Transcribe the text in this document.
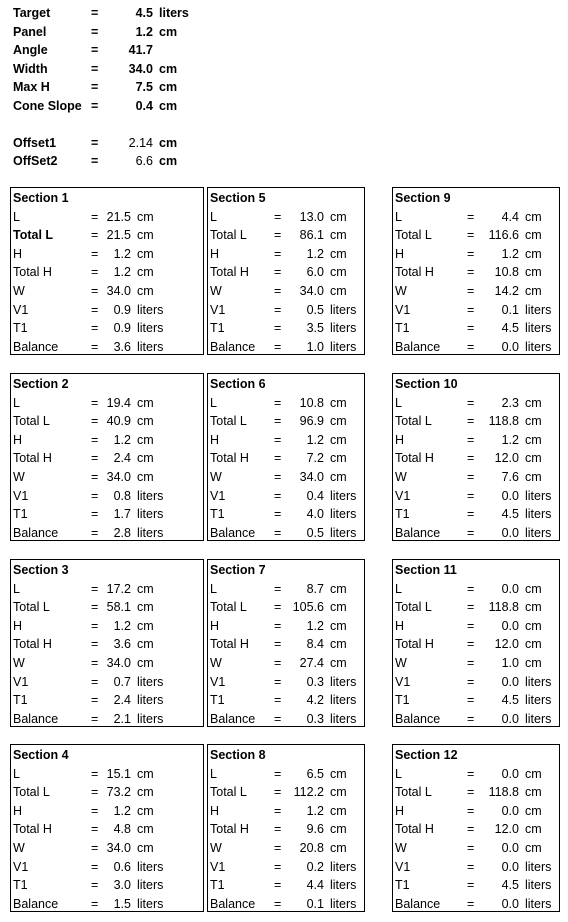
Target	=	4.5 liters
Panel	=	1.2 cm
Angle	= 41.7
Width	= 34.0 cm
Max H	=	7.5 cm
Cone Slope =	0.4 cm
Offset1	= 2.14 cm
OffSet2	=	6.6 cm
Section 1
L	= 21.5 cm
Total L	= 21.5 cm
H	= 1.2 cm
Total H	= 1.2 cm
W	= 34.0 cm
V1	= 0.9 liters
T1	= 0.9 liters
Balance	= 3.6 liters
Section 2
L	= 19.4 cm
Total L	= 40.9 cm
H	= 1.2 cm
Total H	= 2.4 cm
W	= 34.0 cm
V1	= 0.8 liters
T1	= 1.7 liters
Balance	= 2.8 liters
Section 3
L	= 17.2 cm
Total L	= 58.1 cm
H	= 1.2 cm
Total H	= 3.6 cm
W	= 34.0 cm
V1	= 0.7 liters
T1	= 2.4 liters
Balance	= 2.1 liters
Section 4
L	= 15.1 cm
Total L	= 73.2 cm
H	= 1.2 cm
Total H	= 4.8 cm
W	= 34.0 cm
V1	= 0.6 liters
T1	= 3.0 liters
Balance	= 1.5 liters
Section 5
L	= 13.0 cm
Total L = 86.1 cm
H	= 1.2 cm
Total H = 6.0 cm
W	= 34.0 cm
V1	= 0.5 liters
T1	= 3.5 liters
Balance = 1.0 liters
Section 6
L	= 10.8 cm
Total L = 96.9 cm
H	= 1.2 cm
Total H = 7.2 cm
W	= 34.0 cm
V1	= 0.4 liters
T1	= 4.0 liters
Balance = 0.5 liters
Section 7
L	= 8.7 cm
Total L = 105.6 cm
H	= 1.2 cm
Total H = 8.4 cm
W	= 27.4 cm
V1	= 0.3 liters
T1	= 4.2 liters
Balance = 0.3 liters
Section 8
L	= 6.5 cm
Total L = 112.2 cm
H	= 1.2 cm
Total H = 9.6 cm
W	= 20.8 cm
V1	= 0.2 liters
T1	= 4.4 liters
Balance = 0.1 liters
Section 9
L	= 4.4 cm
Total L	= 116.6 cm
H	= 1.2 cm
Total H	= 10.8 cm
W	= 14.2 cm
V1	= 0.1 liters
T1	= 4.5 liters
Balance = 0.0 liters
Section 10
L	= 2.3 cm
Total L	= 118.8 cm
H	= 1.2 cm
Total H	= 12.0 cm
W	= 7.6 cm
V1	= 0.0 liters
T1	= 4.5 liters
Balance = 0.0 liters
Section 11
L	= 0.0 cm
Total L	= 118.8 cm
H	= 0.0 cm
Total H	= 12.0 cm
W	= 1.0 cm
V1	= 0.0 liters
T1	= 4.5 liters
Balance = 0.0 liters
Section 12
L	= 0.0 cm
Total L	= 118.8 cm
H	= 0.0 cm
Total H	= 12.0 cm
W	= 0.0 cm
V1	= 0.0 liters
T1	= 4.5 liters
Balance = 0.0 liters
